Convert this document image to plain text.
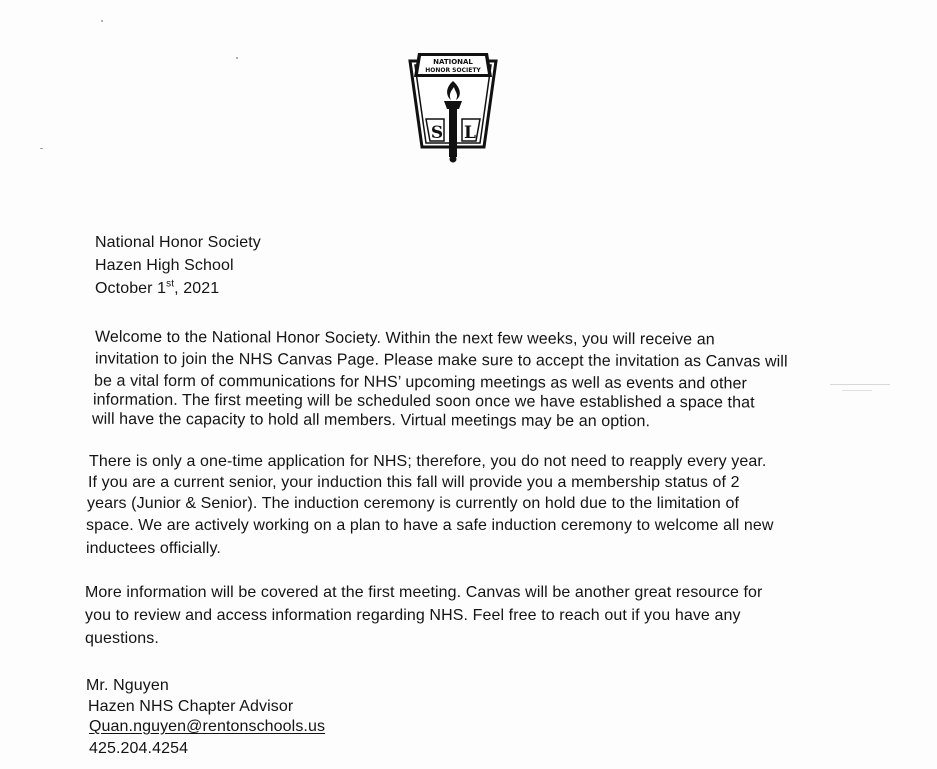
NATIONAL
HONOR SOCIETY
S L
National Honor Society
Hazen High School
October 1st, 2021
Welcome to the National Honor Society. Within the next few weeks, you will receive an
invitation to join the NHS Canvas Page. Please make sure to accept the invitation as Canvas will
be a vital form of communications for NHS’ upcoming meetings as well as events and other
information. The first meeting will be scheduled soon once we have established a space that
will have the capacity to hold all members. Virtual meetings may be an option.
There is only a one-time application for NHS; therefore, you do not need to reapply every year.
If you are a current senior, your induction this fall will provide you a membership status of 2
years (Junior & Senior). The induction ceremony is currently on hold due to the limitation of
space. We are actively working on a plan to have a safe induction ceremony to welcome all new
inductees officially.
More information will be covered at the first meeting. Canvas will be another great resource for
you to review and access information regarding NHS. Feel free to reach out if you have any
questions.
Mr. Nguyen
Hazen NHS Chapter Advisor
Quan.nguyen@rentonschools.us
425.204.4254
